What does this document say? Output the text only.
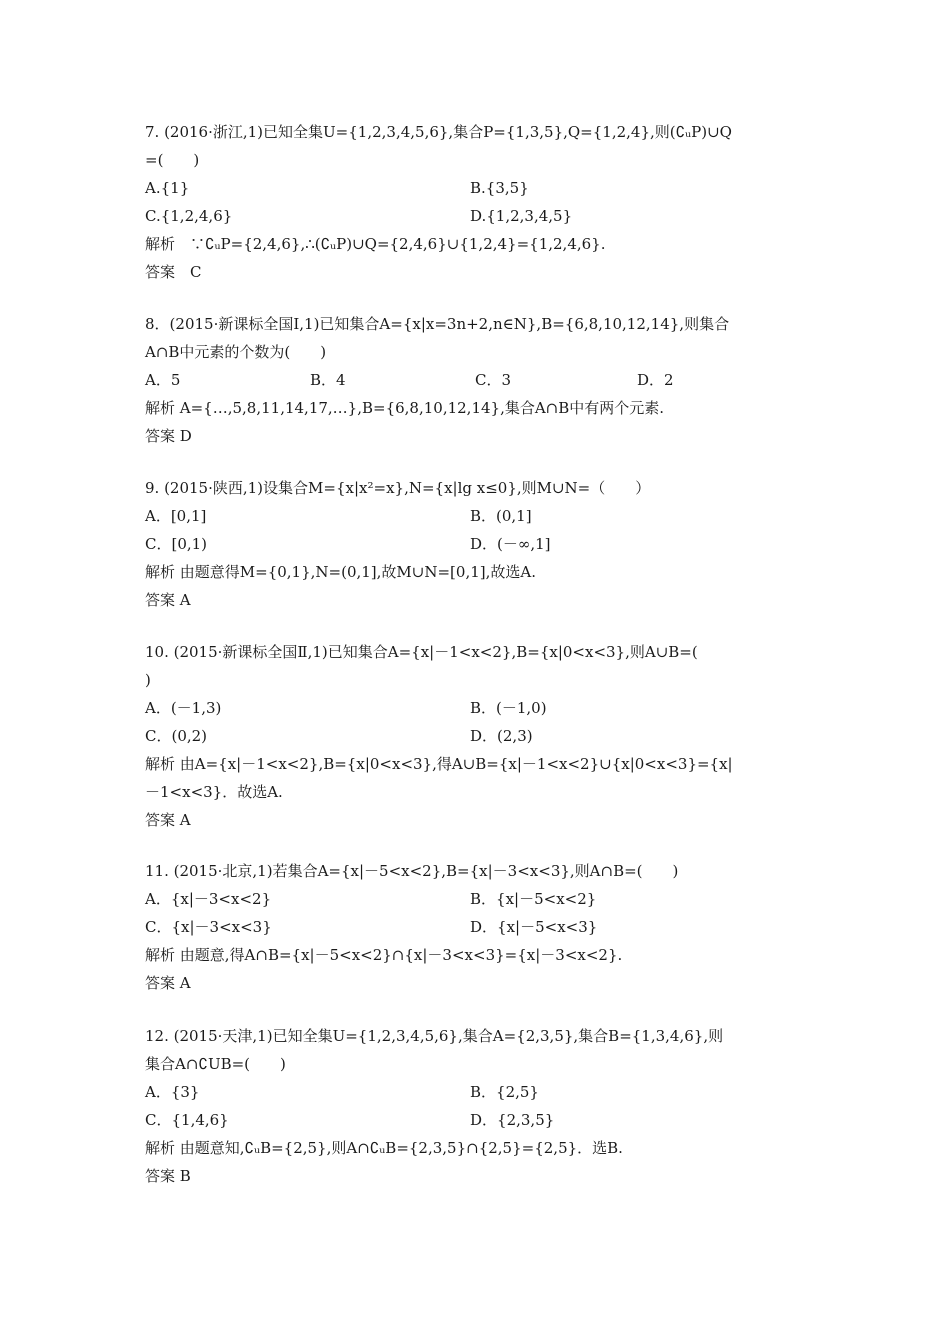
7. (2016·浙江,1)已知全集U={1,2,3,4,5,6},集合P={1,3,5},Q={1,2,4},则(∁ᵤP)∪Q
=(　　)
A.{1}	B.{3,5}
C.{1,2,4,6}	D.{1,2,3,4,5}
解析　∵∁ᵤP={2,4,6},∴(∁ᵤP)∪Q={2,4,6}∪{1,2,4}={1,2,4,6}.
答案　C
8．(2015·新课标全国Ⅰ,1)已知集合A={x|x=3n+2,n∈N},B={6,8,10,12,14},则集合
A∩B中元素的个数为(　　)
A．5	B．4	C．3	D．2
解析 A={…,5,8,11,14,17,…},B={6,8,10,12,14},集合A∩B中有两个元素.
答案 D
9. (2015·陕西,1)设集合M={x|x²=x},N={x|lg x≤0},则M∪N=（　　）
A．[0,1]	B．(0,1]
C．[0,1)	D．(－∞,1]
解析 由题意得M={0,1},N=(0,1],故M∪N=[0,1],故选A.
答案 A
10. (2015·新课标全国Ⅱ,1)已知集合A={x|－1<x<2},B={x|0<x<3},则A∪B=(
)
A．(－1,3)	B．(－1,0)
C．(0,2)	D．(2,3)
解析 由A={x|－1<x<2},B={x|0<x<3},得A∪B={x|－1<x<2}∪{x|0<x<3}={x|
－1<x<3}．故选A.
答案 A
11. (2015·北京,1)若集合A={x|－5<x<2},B={x|－3<x<3},则A∩B=(　　)
A．{x|－3<x<2}	B．{x|－5<x<2}
C．{x|－3<x<3}	D．{x|－5<x<3}
解析 由题意,得A∩B={x|－5<x<2}∩{x|－3<x<3}={x|－3<x<2}.
答案 A
12. (2015·天津,1)已知全集U={1,2,3,4,5,6},集合A={2,3,5},集合B={1,3,4,6},则
集合A∩∁UB=(　　)
A．{3}	B．{2,5}
C．{1,4,6}	D．{2,3,5}
解析 由题意知,∁ᵤB={2,5},则A∩∁ᵤB={2,3,5}∩{2,5}={2,5}．选B.
答案 B
